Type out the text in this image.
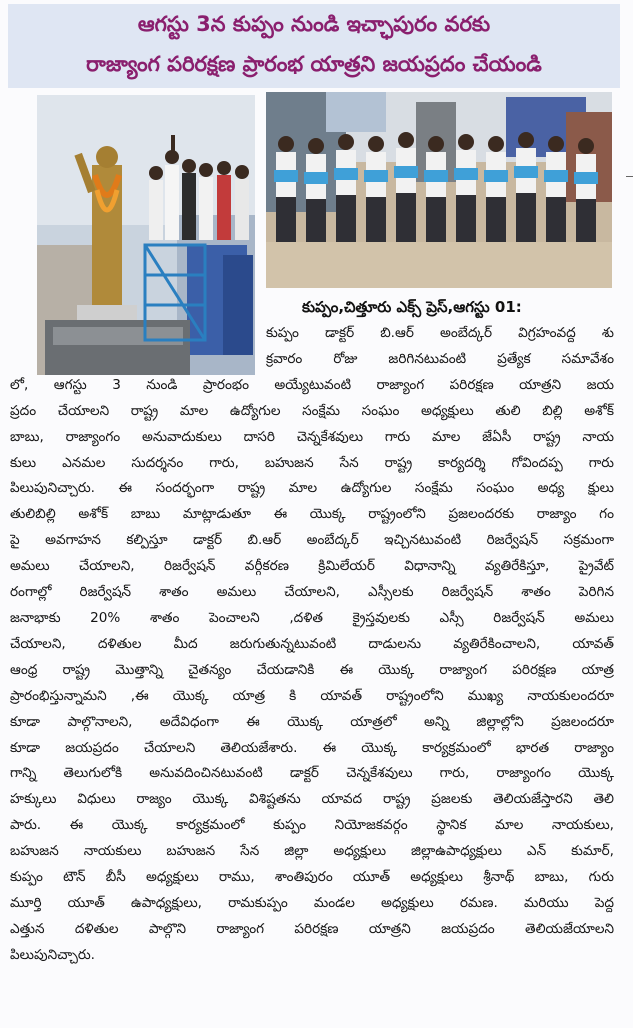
ఆగస్టు 3న కుప్పం నుండి ఇచ్ఛాపురం వరకు
రాజ్యాంగ పరిరక్షణ ప్రారంభ యాత్రని జయప్రదం చేయండి
కుప్పం,చిత్తూరు ఎక్స్ ప్రెస్,ఆగస్టు 01:
కుప్పం డాక్టర్ బి.ఆర్ అంబేద్కర్ విగ్రహంవద్ద శు
క్రవారం రోజు జరిగినటువంటి ప్రత్యేక సమావేశం
లో, ఆగస్టు 3 నుండి ప్రారంభం అయ్యేటువంటి రాజ్యాంగ పరిరక్షణ యాత్రని జయ
ప్రదం చేయాలని రాష్ట్ర మాల ఉద్యోగుల సంక్షేమ సంఘం అధ్యక్షులు తులి బిల్లి అశోక్
బాబు, రాజ్యాంగం అనువాదుకులు దాసరి చెన్నకేశవులు గారు మాల జేఏసీ రాష్ట్ర నాయ
కులు ఎనమల సుదర్శనం గారు, బహుజన సేన రాష్ట్ర కార్యదర్శి గోవిందప్ప గారు
పిలుపునిచ్చారు. ఈ సందర్భంగా రాష్ట్ర మాల ఉద్యోగుల సంక్షేమ సంఘం అధ్య క్షులు
తులిబిల్లి అశోక్ బాబు మాట్లాడుతూ ఈ యొక్క రాష్ట్రంలోని ప్రజలందరకు రాజ్యాం గం
పై అవగాహన కల్పిస్తూ డాక్టర్ బి.ఆర్ అంబేద్కర్ ఇచ్చినటువంటి రిజర్వేషన్ సక్రమంగా
అమలు చేయాలని, రిజర్వేషన్ వర్గీకరణ క్రిమిలేయర్ విధానాన్ని వ్యతిరేకిస్తూ, ప్రైవేట్
రంగాల్లో రిజర్వేషన్ శాతం అమలు చేయాలని, ఎస్సీలకు రిజర్వేషన్ శాతం పెరిగిన
జనాభాకు 20% శాతం పెంచాలని ,దళిత క్రైస్తవులకు ఎస్సీ రిజర్వేషన్ అమలు
చేయాలని, దళితుల మీద జరుగుతున్నటువంటి దాడులను వ్యతిరేకించాలని, యావత్
ఆంధ్ర రాష్ట్ర మొత్తాన్ని చైతన్యం చేయడానికి ఈ యొక్క రాజ్యాంగ పరిరక్షణ యాత్ర
ప్రారంభిస్తున్నామని ,ఈ యొక్క యాత్ర కి యావత్ రాష్ట్రంలోని ముఖ్య నాయకులందరూ
కూడా పాల్గొనాలని, అదేవిధంగా ఈ యొక్క యాత్రలో అన్ని జిల్లాల్లోని ప్రజలందరూ
కూడా జయప్రదం చేయాలని తెలియజేశారు. ఈ యొక్క కార్యక్రమంలో భారత రాజ్యాం
గాన్ని తెలుగులోకి అనువదించినటువంటి డాక్టర్ చెన్నకేశవులు గారు, రాజ్యాంగం యొక్క
హక్కులు విధులు రాజ్యం యొక్క విశిష్టతను యావద రాష్ట్ర ప్రజలకు తెలియజేస్తారని తెలి
పారు. ఈ యొక్క కార్యక్రమంలో కుప్పం నియోజకవర్గం స్థానిక మాల నాయకులు,
బహుజన నాయకులు బహుజన సేన జిల్లా అధ్యక్షులు జిల్లాఉపాధ్యక్షులు ఎన్ కుమార్,
కుప్పం టౌన్ బీసీ అధ్యక్షులు రాము, శాంతిపురం యూత్ అధ్యక్షులు శ్రీనాథ్ బాబు, గురు
మూర్తి యూత్ ఉపాధ్యక్షులు, రామకుప్పం మండల అధ్యక్షులు రమణ. మరియు పెద్ద
ఎత్తున దళితుల పాల్గొని రాజ్యాంగ పరిరక్షణ యాత్రని జయప్రదం తెలియజేయాలని
పిలుపునిచ్చారు.
